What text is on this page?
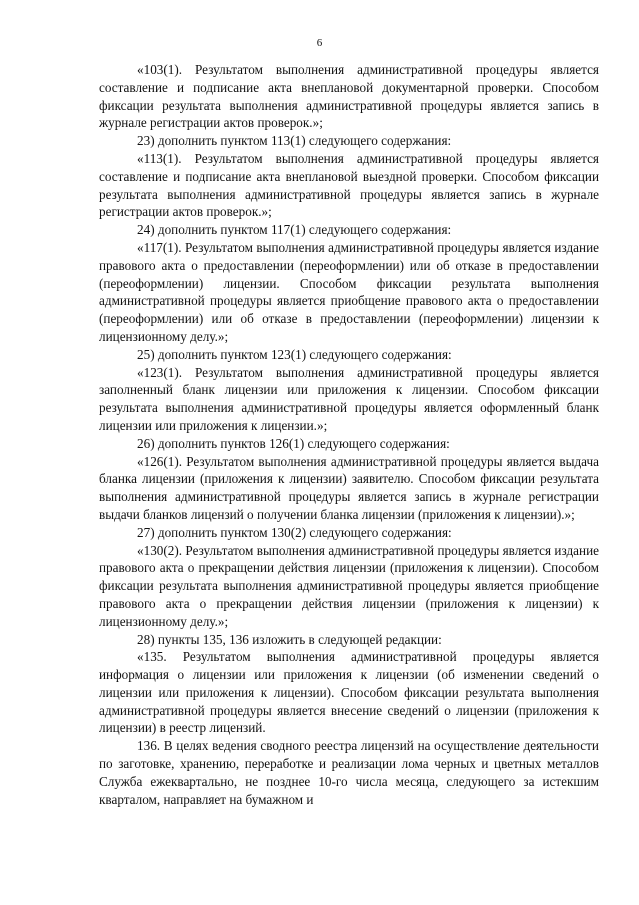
6

«103(1). Результатом выполнения административной процедуры является составление и подписание акта внеплановой документарной проверки. Способом фиксации результата выполнения административной процедуры является запись в журнале регистрации актов проверок.»;

23) дополнить пунктом 113(1) следующего содержания:

«113(1). Результатом выполнения административной процедуры является составление и подписание акта внеплановой выездной проверки. Способом фиксации результата выполнения административной процедуры является запись в журнале регистрации актов проверок.»;

24) дополнить пунктом 117(1) следующего содержания:

«117(1). Результатом выполнения административной процедуры является издание правового акта о предоставлении (переоформлении) или об отказе в предоставлении (переоформлении) лицензии. Способом фиксации результата выполнения административной процедуры является приобщение правового акта о предоставлении (переоформлении) или об отказе в предоставлении (переоформлении) лицензии к лицензионному делу.»;

25) дополнить пунктом 123(1) следующего содержания:

«123(1). Результатом выполнения административной процедуры является заполненный бланк лицензии или приложения к лицензии. Способом фиксации результата выполнения административной процедуры является оформленный бланк лицензии или приложения к лицензии.»;

26) дополнить пунктов 126(1) следующего содержания:

«126(1). Результатом выполнения административной процедуры является выдача бланка лицензии (приложения к лицензии) заявителю. Способом фиксации результата выполнения административной процедуры является запись в журнале регистрации выдачи бланков лицензий о получении бланка лицензии (приложения к лицензии).»;

27) дополнить пунктом 130(2) следующего содержания:

«130(2). Результатом выполнения административной процедуры является издание правового акта о прекращении действия лицензии (приложения к лицензии). Способом фиксации результата выполнения административной процедуры является приобщение правового акта о прекращении действия лицензии (приложения к лицензии) к лицензионному делу.»;

28) пункты 135, 136 изложить в следующей редакции:

«135. Результатом выполнения административной процедуры является информация о лицензии или приложения к лицензии (об изменении сведений о лицензии или приложения к лицензии). Способом фиксации результата выполнения административной процедуры является внесение сведений о лицензии (приложения к лицензии) в реестр лицензий.

136. В целях ведения сводного реестра лицензий на осуществление деятельности по заготовке, хранению, переработке и реализации лома черных и цветных металлов Служба ежеквартально, не позднее 10-го числа месяца, следующего за истекшим кварталом, направляет на бумажном и
